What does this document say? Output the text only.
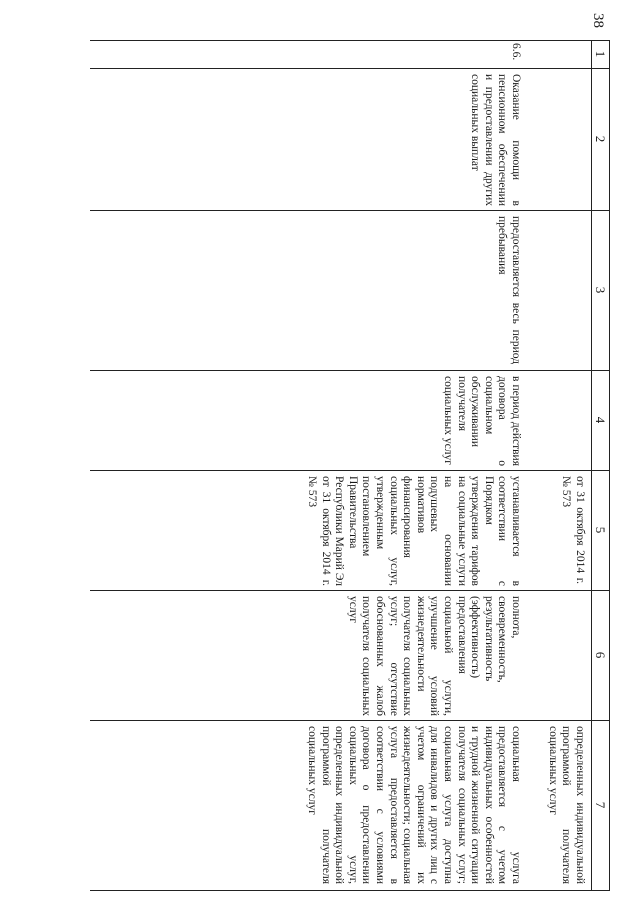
38
1
2
3
4
5
6
7
от 31 октября 2014 г. № 573
определенных индивидуальной программой получателя социальных услуг
6.6.
Оказание помощи в пенсионном обеспечении и предоставлении других социальных выплат
предоставляется весь период пребывания
в период действия договора о социальном обслуживании получателя социальных услуг
устанавливается в соответствии с Порядком утверждения тарифов на социальные услуги на основании подушевых нормативов финансирования социальных услуг, утвержденным постановлением Правительства Республики Марий Эл от 31 октября 2014 г. № 573
полнота, своевременность, результативность (эффективность) предоставления социальной услуги, улучшение условий жизнедеятельности получателя социальных услуг; отсутствие обоснованных жалоб получателя социальных услуг
социальная услуга предоставляется с учетом индивидуальных особенностей и трудной жизненной ситуации получателя социальных услуг; социальная услуга доступна для инвалидов и других лиц с учетом ограничений их жизнедеятельности; социальная услуга предоставляется в соответствии с условиями договора о предоставлении социальных услуг, определенных индивидуальной программой получателя социальных услуг
